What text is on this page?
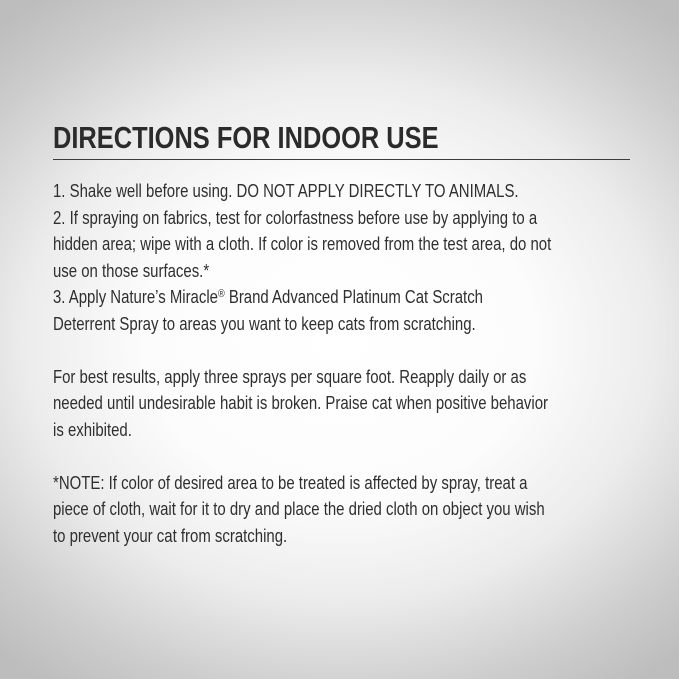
DIRECTIONS FOR INDOOR USE

1. Shake well before using. DO NOT APPLY DIRECTLY TO ANIMALS.

2. If spraying on fabrics, test for colorfastness before use by applying to a

hidden area; wipe with a cloth. If color is removed from the test area, do not

use on those surfaces.*

3. Apply Nature’s Miracle® Brand Advanced Platinum Cat Scratch

Deterrent Spray to areas you want to keep cats from scratching.

For best results, apply three sprays per square foot. Reapply daily or as

needed until undesirable habit is broken. Praise cat when positive behavior

is exhibited.

*NOTE: If color of desired area to be treated is affected by spray, treat a

piece of cloth, wait for it to dry and place the dried cloth on object you wish

to prevent your cat from scratching.
